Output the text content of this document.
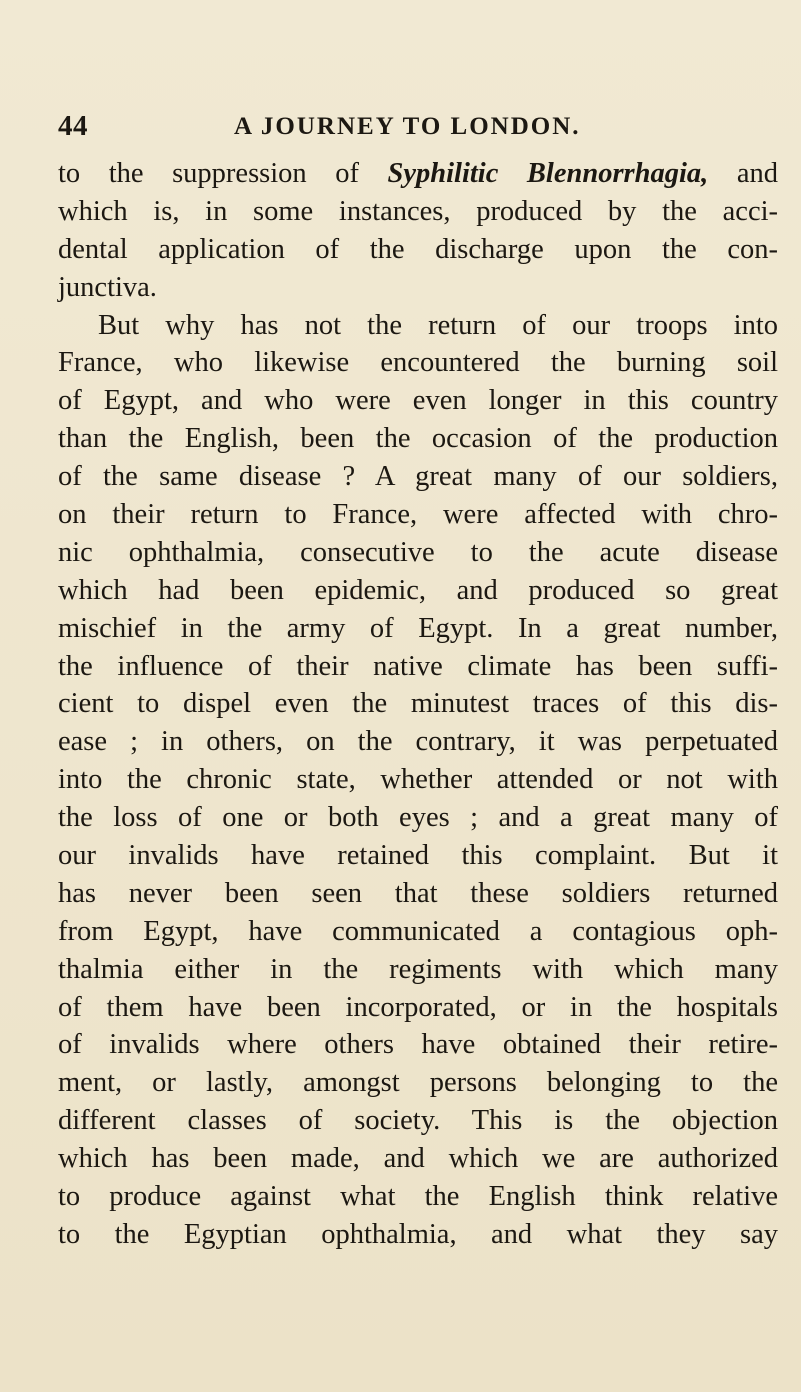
44	A JOURNEY TO LONDON.
to the suppression of Syphilitic Blennorrhagia, and
which is, in some instances, produced by the acci-
dental application of the discharge upon the con-
junctiva.
But why has not the return of our troops into
France, who likewise encountered the burning soil
of Egypt, and who were even longer in this country
than the English, been the occasion of the production
of the same disease ? A great many of our soldiers,
on their return to France, were affected with chro-
nic ophthalmia, consecutive to the acute disease
which had been epidemic, and produced so great
mischief in the army of Egypt. In a great number,
the influence of their native climate has been suffi-
cient to dispel even the minutest traces of this dis-
ease ; in others, on the contrary, it was perpetuated
into the chronic state, whether attended or not with
the loss of one or both eyes ; and a great many of
our invalids have retained this complaint. But it
has never been seen that these soldiers returned
from Egypt, have communicated a contagious oph-
thalmia either in the regiments with which many
of them have been incorporated, or in the hospitals
of invalids where others have obtained their retire-
ment, or lastly, amongst persons belonging to the
different classes of society. This is the objection
which has been made, and which we are authorized
to produce against what the English think relative
to the Egyptian ophthalmia, and what they say
